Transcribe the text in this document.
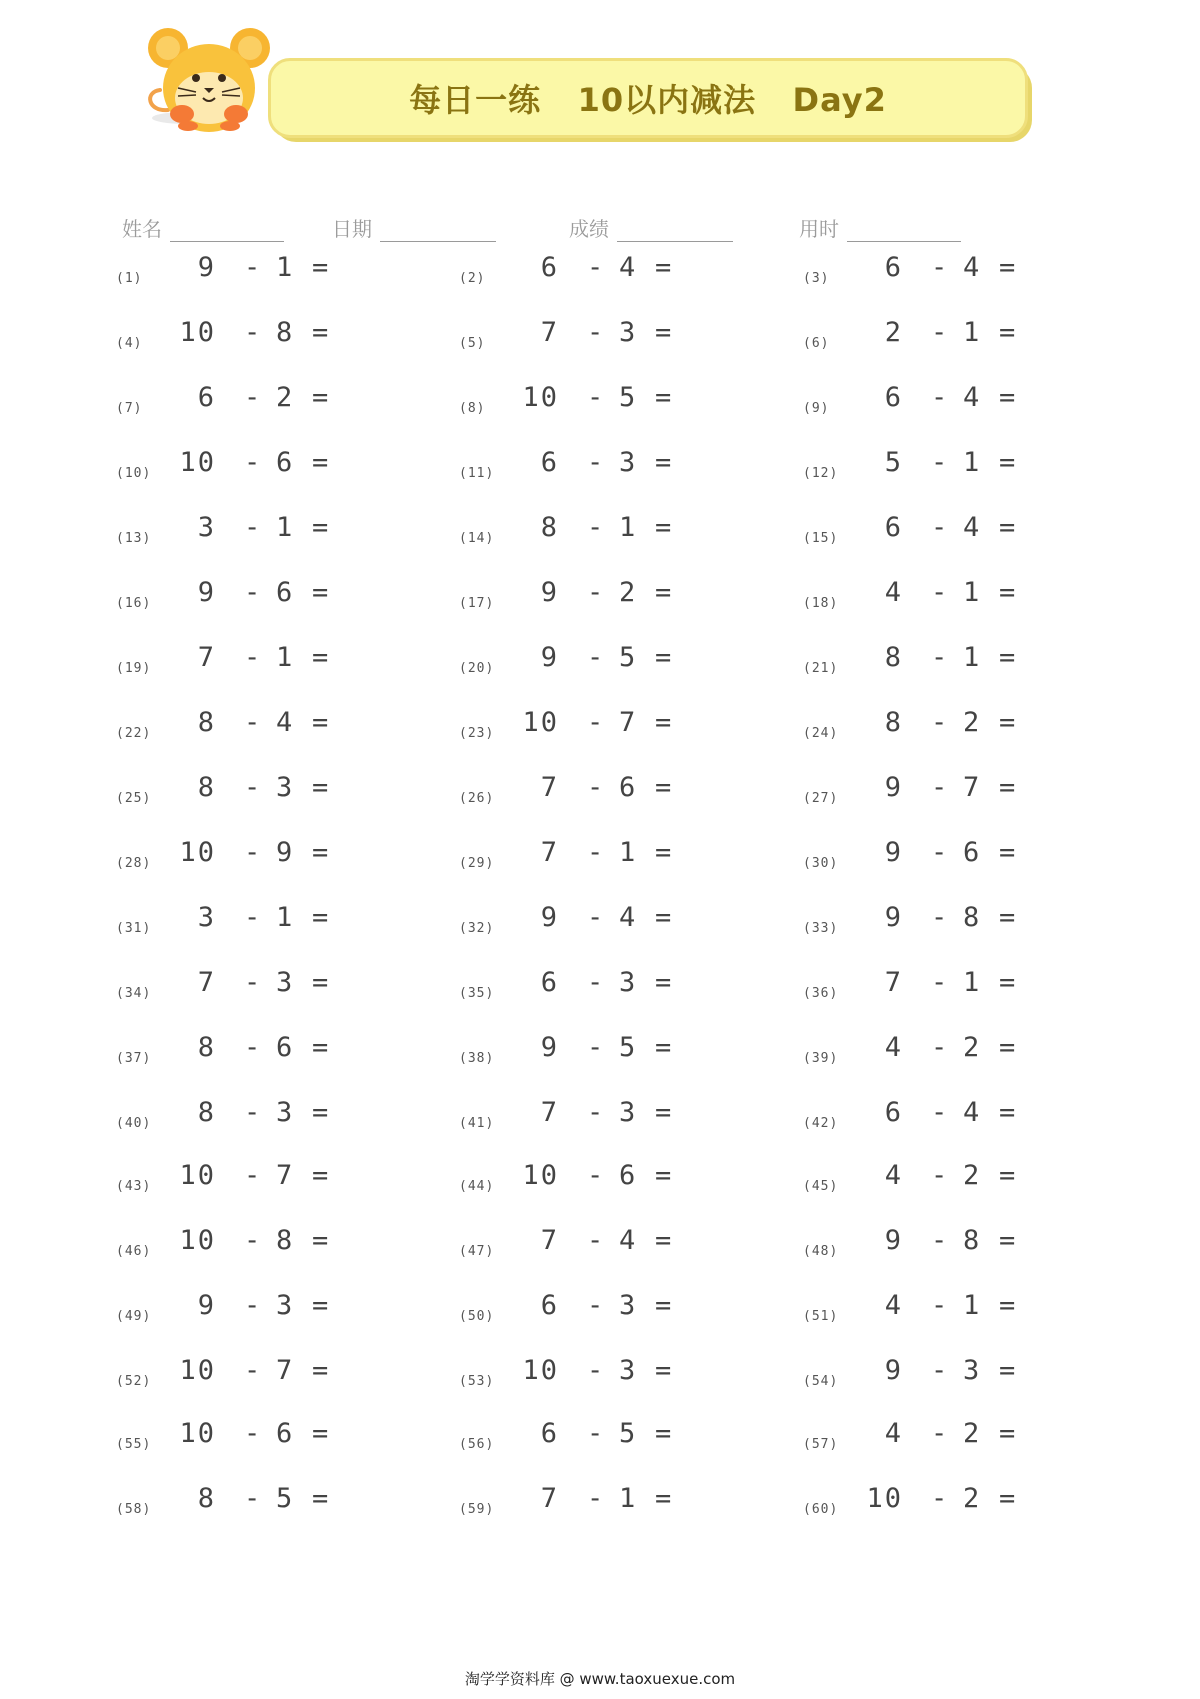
每日一练   10以内减法   Day2
姓名	日期	成绩	用时
(1)	9 - 1 =	(2)	6 - 4 =	(3)	6 - 4 =
(4)	10 - 8 =	(5)	7 - 3 =	(6)	2 - 1 =
(7)	6 - 2 =	(8)	10 - 5 =	(9)	6 - 4 =
(10)	10 - 6 =	(11)	6 - 3 =	(12)	5 - 1 =
(13)	3 - 1 =	(14)	8 - 1 =	(15)	6 - 4 =
(16)	9 - 6 =	(17)	9 - 2 =	(18)	4 - 1 =
(19)	7 - 1 =	(20)	9 - 5 =	(21)	8 - 1 =
(22)	8 - 4 =	(23)	10 - 7 =	(24)	8 - 2 =
(25)	8 - 3 =	(26)	7 - 6 =	(27)	9 - 7 =
(28)	10 - 9 =	(29)	7 - 1 =	(30)	9 - 6 =
(31)	3 - 1 =	(32)	9 - 4 =	(33)	9 - 8 =
(34)	7 - 3 =	(35)	6 - 3 =	(36)	7 - 1 =
(37)	8 - 6 =	(38)	9 - 5 =	(39)	4 - 2 =
(40)	8 - 3 =	(41)	7 - 3 =	(42)	6 - 4 =
(43)	10 - 7 =	(44)	10 - 6 =	(45)	4 - 2 =
(46)	10 - 8 =	(47)	7 - 4 =	(48)	9 - 8 =
(49)	9 - 3 =	(50)	6 - 3 =	(51)	4 - 1 =
(52)	10 - 7 =	(53)	10 - 3 =	(54)	9 - 3 =
(55)	10 - 6 =	(56)	6 - 5 =	(57)	4 - 2 =
(58)	8 - 5 =	(59)	7 - 1 =	(60)	10 - 2 =
淘学学资料库 @ www.taoxuexue.com
